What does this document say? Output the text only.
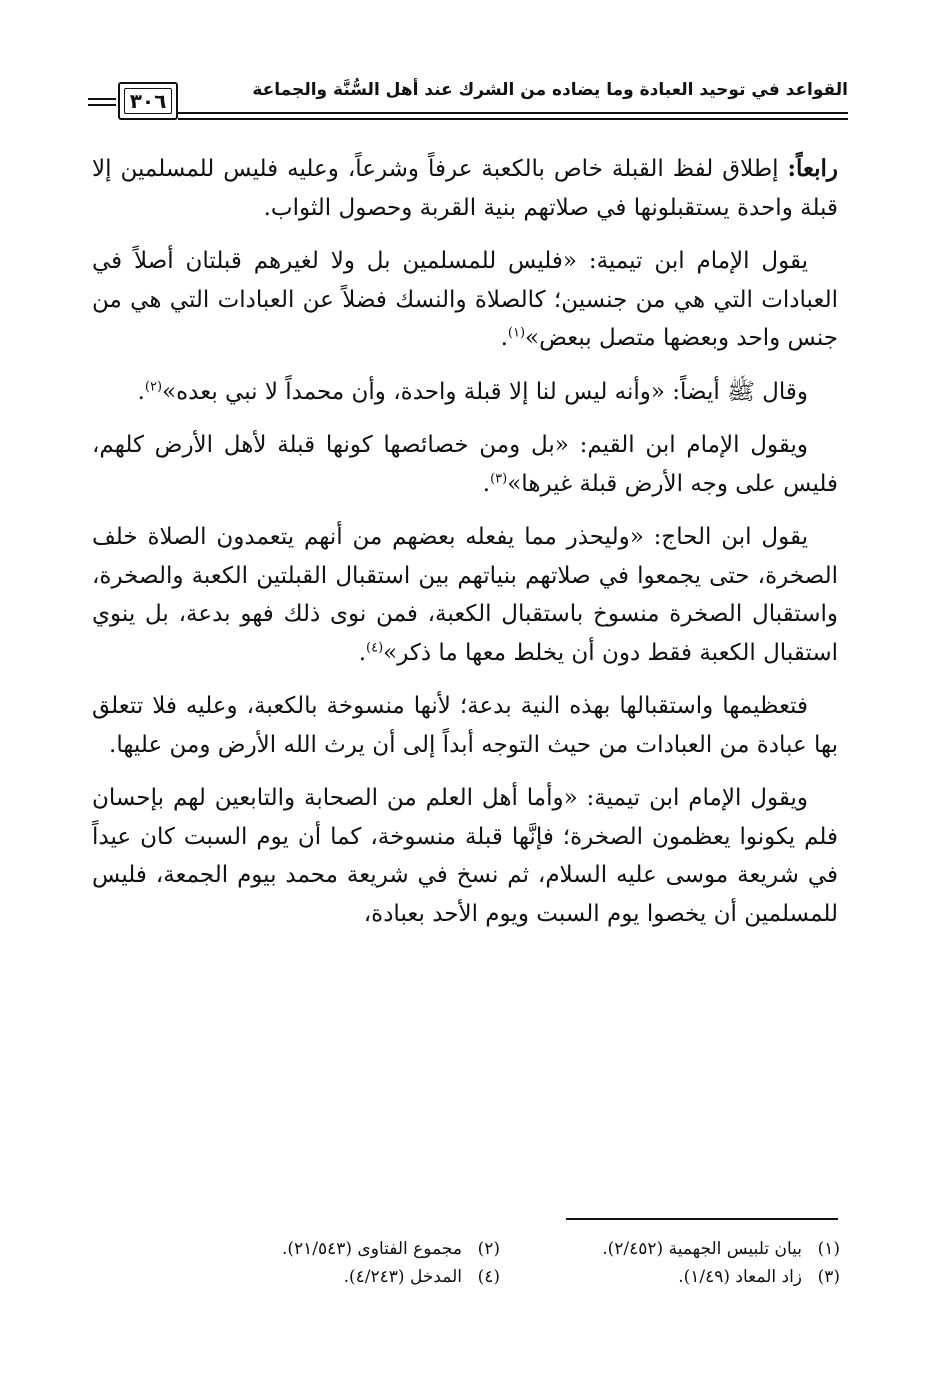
٣٠٦	القواعد في توحيد العبادة وما يضاده من الشرك عند أهل السُّنَّة والجماعة

رابعاً: إطلاق لفظ القبلة خاص بالكعبة عرفاً وشرعاً، وعليه فليس للمسلمين إلا قبلة واحدة يستقبلونها في صلاتهم بنية القربة وحصول الثواب.

يقول الإمام ابن تيمية: «فليس للمسلمين بل ولا لغيرهم قبلتان أصلاً في العبادات التي هي من جنسين؛ كالصلاة والنسك فضلاً عن العبادات التي هي من جنس واحد وبعضها متصل ببعض»$^{(١)}$.

وقال ﷺ أيضاً: «وأنه ليس لنا إلا قبلة واحدة، وأن محمداً لا نبي بعده»$^{(٢)}$.

ويقول الإمام ابن القيم: «بل ومن خصائصها كونها قبلة لأهل الأرض كلهم، فليس على وجه الأرض قبلة غيرها»$^{(٣)}$.

يقول ابن الحاج: «وليحذر مما يفعله بعضهم من أنهم يتعمدون الصلاة خلف الصخرة، حتى يجمعوا في صلاتهم بنياتهم بين استقبال القبلتين الكعبة والصخرة، واستقبال الصخرة منسوخ باستقبال الكعبة، فمن نوى ذلك فهو بدعة، بل ينوي استقبال الكعبة فقط دون أن يخلط معها ما ذكر»$^{(٤)}$.

فتعظيمها واستقبالها بهذه النية بدعة؛ لأنها منسوخة بالكعبة، وعليه فلا تتعلق بها عبادة من العبادات من حيث التوجه أبداً إلى أن يرث الله الأرض ومن عليها.

ويقول الإمام ابن تيمية: «وأما أهل العلم من الصحابة والتابعين لهم بإحسان فلم يكونوا يعظمون الصخرة؛ فإنَّها قبلة منسوخة، كما أن يوم السبت كان عيداً في شريعة موسى عليه السلام، ثم نسخ في شريعة محمد بيوم الجمعة، فليس للمسلمين أن يخصوا يوم السبت ويوم الأحد بعبادة،

(١)بيان تلبيس الجهمية (٢/٤٥٢).
(٢)مجموع الفتاوى (٢١/٥٤٣).
(٣)زاد المعاد (١/٤٩).
(٤)المدخل (٤/٢٤٣).
